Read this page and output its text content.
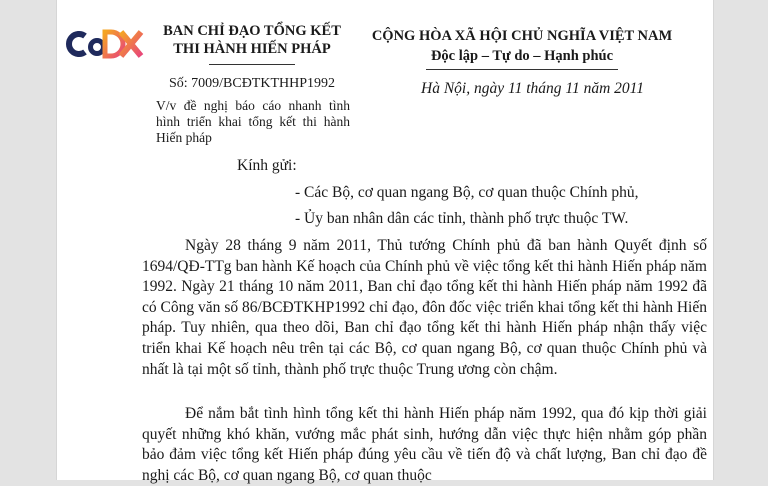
BAN CHỈ ĐẠO TỔNG KẾT
THI HÀNH HIẾN PHÁP
Số: 7009/BCĐTKTHHP1992
V/v đề nghị báo cáo nhanh tình hình triển khai tổng kết thi hành Hiến pháp
CỘNG HÒA XÃ HỘI CHỦ NGHĨA VIỆT NAM
Độc lập – Tự do – Hạnh phúc
Hà Nội, ngày 11 tháng 11 năm 2011
Kính gửi:
- Các Bộ, cơ quan ngang Bộ, cơ quan thuộc Chính phủ,
- Ủy ban nhân dân các tỉnh, thành phố trực thuộc TW.

Ngày 28 tháng 9 năm 2011, Thủ tướng Chính phủ đã ban hành Quyết định số 1694/QĐ-TTg ban hành Kế hoạch của Chính phủ về việc tổng kết thi hành Hiến pháp năm 1992. Ngày 21 tháng 10 năm 2011, Ban chỉ đạo tổng kết thi hành Hiến pháp năm 1992 đã có Công văn số 86/BCĐTKHP1992 chỉ đạo, đôn đốc việc triển khai tổng kết thi hành Hiến pháp. Tuy nhiên, qua theo dõi, Ban chỉ đạo tổng kết thi hành Hiến pháp nhận thấy việc triển khai Kế hoạch nêu trên tại các Bộ, cơ quan ngang Bộ, cơ quan thuộc Chính phủ và nhất là tại một số tỉnh, thành phố trực thuộc Trung ương còn chậm.

Để nắm bắt tình hình tổng kết thi hành Hiến pháp năm 1992, qua đó kịp thời giải quyết những khó khăn, vướng mắc phát sinh, hướng dẫn việc thực hiện nhằm góp phần bảo đảm việc tổng kết Hiến pháp đúng yêu cầu về tiến độ và chất lượng, Ban chỉ đạo đề nghị các Bộ, cơ quan ngang Bộ, cơ quan thuộc
